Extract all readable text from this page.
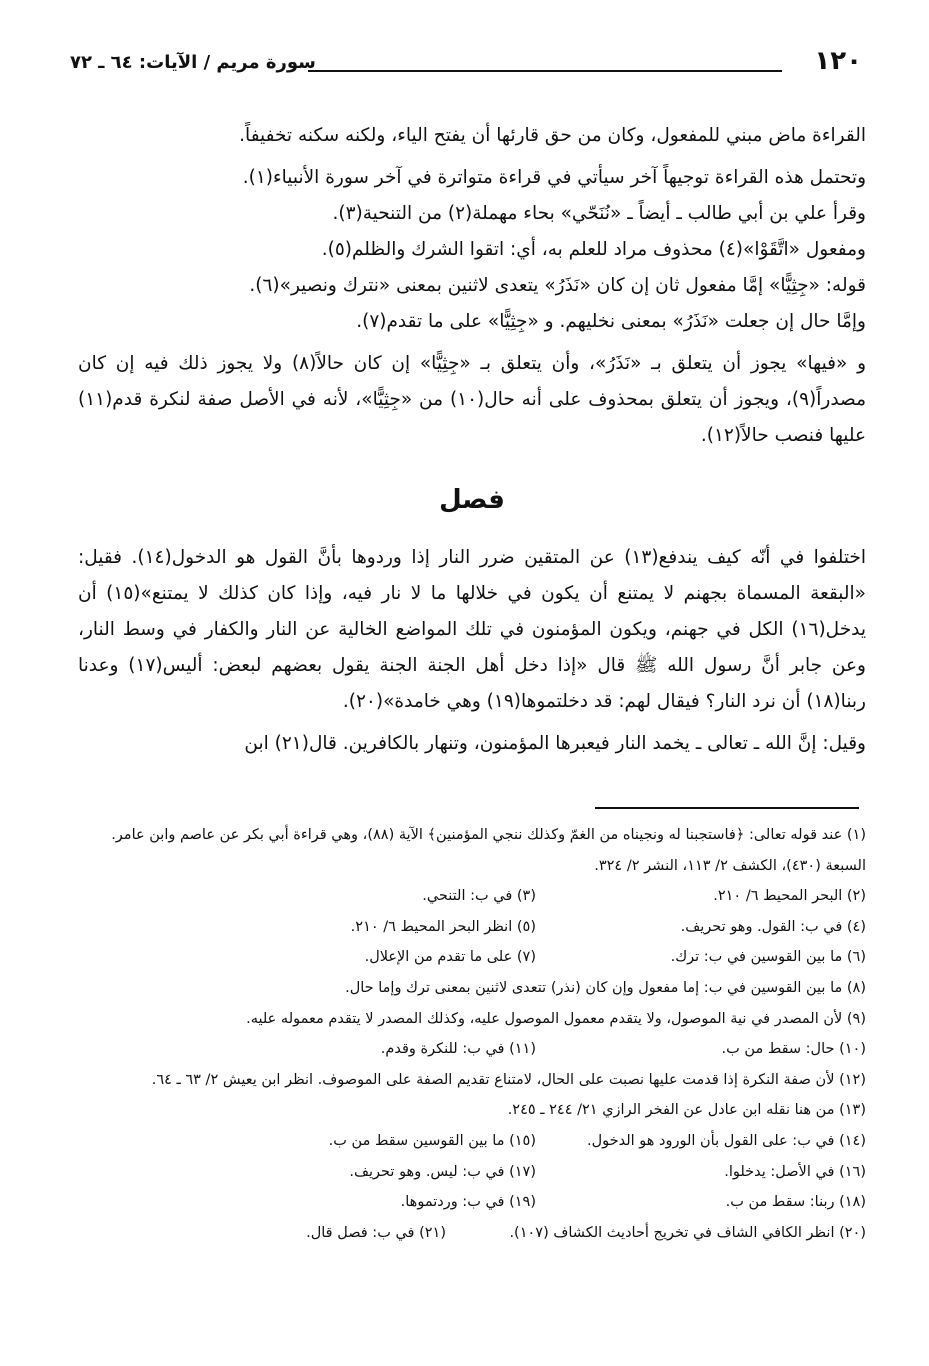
١٢٠
سورة مريم / الآيات: ٦٤ ـ ٧٢

القراءة ماض مبني للمفعول، وكان من حق قارئها أن يفتح الياء، ولكنه سكنه تخفيفاً.

وتحتمل هذه القراءة توجيهاً آخر سيأتي في قراءة متواترة في آخر سورة الأنبياء(١).

وقرأ علي بن أبي طالب ـ أيضاً ـ «نُنَحّي» بحاء مهملة(٢) من التنحية(٣).

ومفعول «اتَّقَوْا»(٤) محذوف مراد للعلم به، أي: اتقوا الشرك والظلم(٥).

قوله: «جِثِيًّا» إمَّا مفعول ثان إن كان «نَذَرُ» يتعدى لاثنين بمعنى «نترك ونصير»(٦).

وإمَّا حال إن جعلت «نَذَرُ» بمعنى نخليهم. و «جِثِيًّا» على ما تقدم(٧).

و «فيها» يجوز أن يتعلق بـ «نَذَرُ»، وأن يتعلق بـ «جِثِيًّا» إن كان حالاً(٨) ولا يجوز ذلك فيه إن كان مصدراً(٩)، ويجوز أن يتعلق بمحذوف على أنه حال(١٠) من «جِثِيًّا»، لأنه في الأصل صفة لنكرة قدم(١١) عليها فنصب حالاً(١٢).

فصل

اختلفوا في أنّه كيف يندفع(١٣) عن المتقين ضرر النار إذا وردوها بأنَّ القول هو الدخول(١٤). فقيل: «البقعة المسماة بجهنم لا يمتنع أن يكون في خلالها ما لا نار فيه، وإذا كان كذلك لا يمتنع»(١٥) أن يدخل(١٦) الكل في جهنم، ويكون المؤمنون في تلك المواضع الخالية عن النار والكفار في وسط النار، وعن جابر أنَّ رسول الله ﷺ قال «إذا دخل أهل الجنة الجنة يقول بعضهم لبعض: أليس(١٧) وعدنا ربنا(١٨) أن نرد النار؟ فيقال لهم: قد دخلتموها(١٩) وهي خامدة»(٢٠).

وقيل: إنَّ الله ـ تعالى ـ يخمد النار فيعبرها المؤمنون، وتنهار بالكافرين. قال(٢١) ابن

(١) عند قوله تعالى: ﴿فاستجبنا له ونجيناه من الغمّ وكذلك ننجي المؤمنين﴾ الآية (٨٨)، وهي قراءة أبي بكر عن عاصم وابن عامر. السبعة (٤٣٠)، الكشف ٢/ ١١٣، النشر ٢/ ٣٢٤.

(٢) البحر المحيط ٦/ ٢١٠.
(٣) في ب: التنحي.
(٤) في ب: القول. وهو تحريف.
(٥) انظر البحر المحيط ٦/ ٢١٠.
(٦) ما بين القوسين في ب: ترك.
(٧) على ما تقدم من الإعلال.

(٨) ما بين القوسين في ب: إما مفعول وإن كان (نذر) تتعدى لاثنين بمعنى ترك وإما حال.

(٩) لأن المصدر في نية الموصول، ولا يتقدم معمول الموصول عليه، وكذلك المصدر لا يتقدم معموله عليه.

(١٠) حال: سقط من ب.
(١١) في ب: للنكرة وقدم.

(١٢) لأن صفة النكرة إذا قدمت عليها نصبت على الحال، لامتناع تقديم الصفة على الموصوف. انظر ابن يعيش ٢/ ٦٣ ـ ٦٤.

(١٣) من هنا نقله ابن عادل عن الفخر الرازي ٢١/ ٢٤٤ ـ ٢٤٥.

(١٤) في ب: على القول بأن الورود هو الدخول.
(١٥) ما بين القوسين سقط من ب.
(١٦) في الأصل: يدخلوا.
(١٧) في ب: ليس. وهو تحريف.
(١٨) ربنا: سقط من ب.
(١٩) في ب: وردتموها.
(٢٠) انظر الكافي الشاف في تخريج أحاديث الكشاف (١٠٧).
(٢١) في ب: فصل قال.
